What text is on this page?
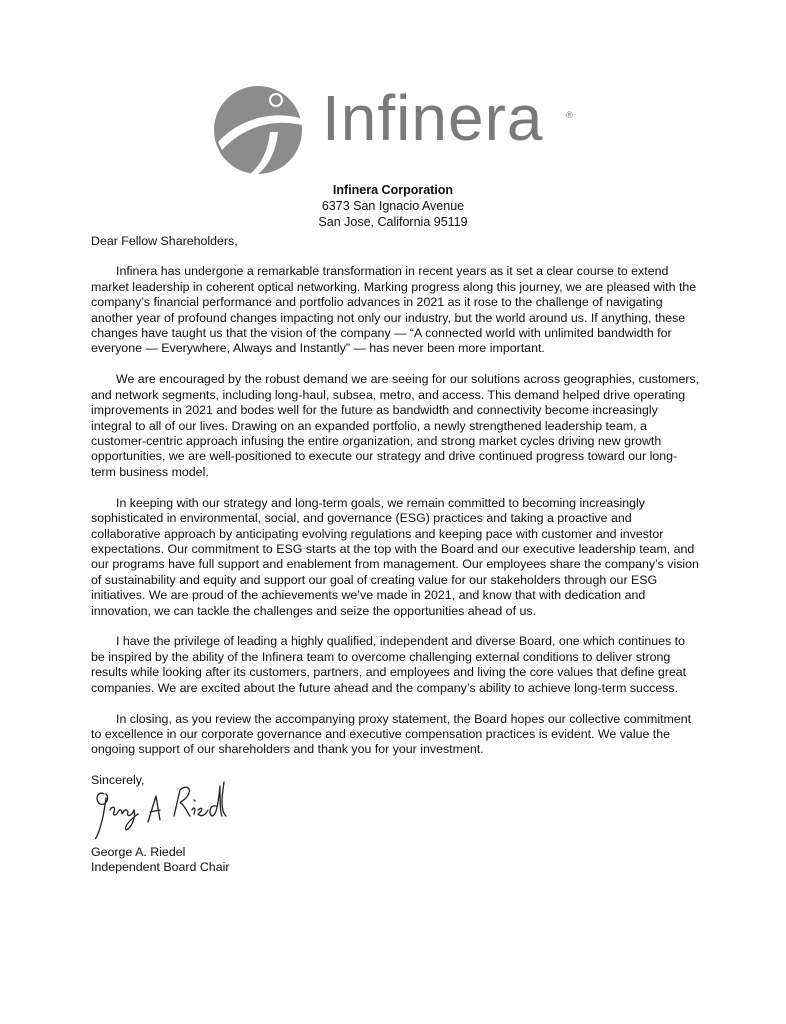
Infinera	®
Infinera Corporation
6373 San Ignacio Avenue
San Jose, California 95119

Dear Fellow Shareholders,

Infinera has undergone a remarkable transformation in recent years as it set a clear course to extend market leadership in coherent optical networking. Marking progress along this journey, we are pleased with the company’s financial performance and portfolio advances in 2021 as it rose to the challenge of navigating another year of profound changes impacting not only our industry, but the world around us. If anything, these changes have taught us that the vision of the company — “A connected world with unlimited bandwidth for everyone — Everywhere, Always and Instantly” — has never been more important.

We are encouraged by the robust demand we are seeing for our solutions across geographies, customers, and network segments, including long-haul, subsea, metro, and access. This demand helped drive operating improvements in 2021 and bodes well for the future as bandwidth and connectivity become increasingly integral to all of our lives. Drawing on an expanded portfolio, a newly strengthened leadership team, a customer-centric approach infusing the entire organization, and strong market cycles driving new growth opportunities, we are well-positioned to execute our strategy and drive continued progress toward our long-term business model.

In keeping with our strategy and long-term goals, we remain committed to becoming increasingly sophisticated in environmental, social, and governance (ESG) practices and taking a proactive and collaborative approach by anticipating evolving regulations and keeping pace with customer and investor expectations. Our commitment to ESG starts at the top with the Board and our executive leadership team, and our programs have full support and enablement from management. Our employees share the company’s vision of sustainability and equity and support our goal of creating value for our stakeholders through our ESG initiatives. We are proud of the achievements we’ve made in 2021, and know that with dedication and innovation, we can tackle the challenges and seize the opportunities ahead of us.

I have the privilege of leading a highly qualified, independent and diverse Board, one which continues to be inspired by the ability of the Infinera team to overcome challenging external conditions to deliver strong results while looking after its customers, partners, and employees and living the core values that define great companies. We are excited about the future ahead and the company’s ability to achieve long-term success.

In closing, as you review the accompanying proxy statement, the Board hopes our collective commitment to excellence in our corporate governance and executive compensation practices is evident. We value the ongoing support of our shareholders and thank you for your investment.

Sincerely,

George A. Riedel
Independent Board Chair
